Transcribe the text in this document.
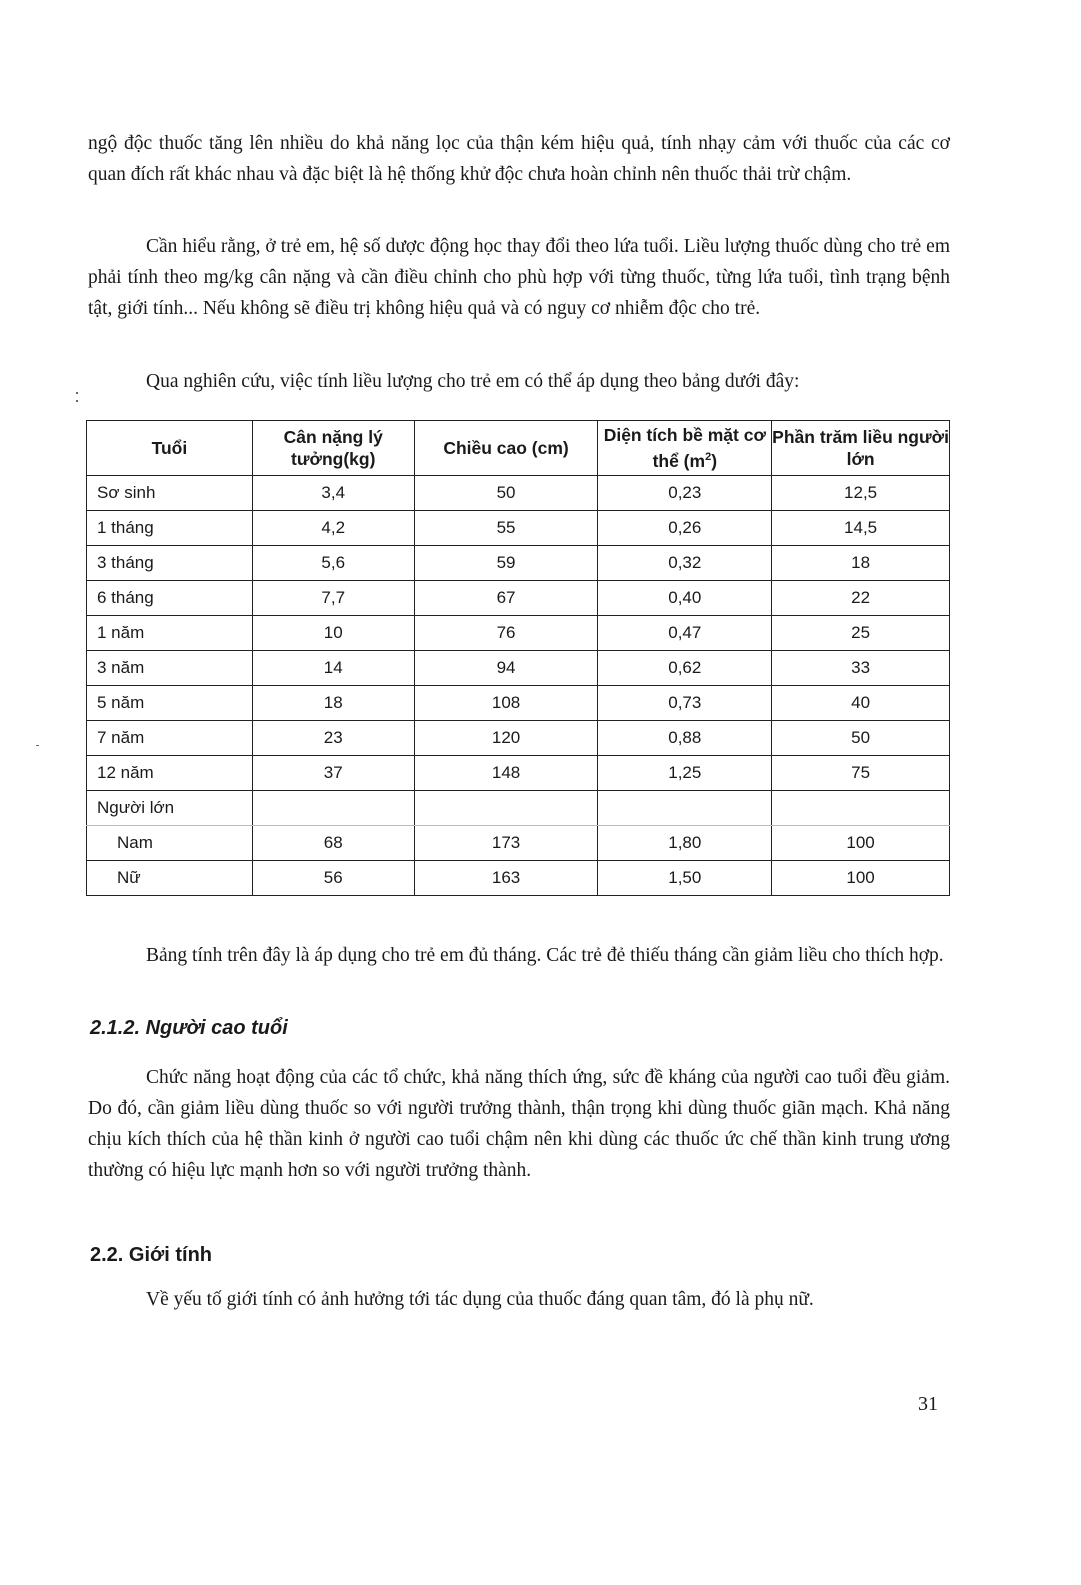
ngộ độc thuốc tăng lên nhiều do khả năng lọc của thận kém hiệu quả, tính nhạy cảm với thuốc của các cơ quan đích rất khác nhau và đặc biệt là hệ thống khử độc chưa hoàn chỉnh nên thuốc thải trừ chậm.

Cần hiểu rằng, ở trẻ em, hệ số dược động học thay đổi theo lứa tuổi. Liều lượng thuốc dùng cho trẻ em phải tính theo mg/kg cân nặng và cần điều chỉnh cho phù hợp với từng thuốc, từng lứa tuổi, tình trạng bệnh tật, giới tính... Nếu không sẽ điều trị không hiệu quả và có nguy cơ nhiễm độc cho trẻ.

Qua nghiên cứu, việc tính liều lượng cho trẻ em có thể áp dụng theo bảng dưới đây:

Tuổi	Cân nặng lý tưởng(kg)	Chiều cao (cm)	Diện tích bề mặt cơ thể $(m^2)$	Phần trăm liều người lớn
Sơ sinh	3,4	50	0,23	12,5
1 tháng	4,2	55	0,26	14,5
3 tháng	5,6	59	0,32	18
6 tháng	7,7	67	0,40	22
1 năm	10	76	0,47	25
3 năm	14	94	0,62	33
5 năm	18	108	0,73	40
7 năm	23	120	0,88	50
12 năm	37	148	1,25	75
Người lớn				
Nam	68	173	1,80	100
Nữ	56	163	1,50	100

Bảng tính trên đây là áp dụng cho trẻ em đủ tháng. Các trẻ đẻ thiếu tháng cần giảm liều cho thích hợp.

2.1.2. Người cao tuổi

Chức năng hoạt động của các tổ chức, khả năng thích ứng, sức đề kháng của người cao tuổi đều giảm. Do đó, cần giảm liều dùng thuốc so với người trưởng thành, thận trọng khi dùng thuốc giãn mạch. Khả năng chịu kích thích của hệ thần kinh ở người cao tuổi chậm nên khi dùng các thuốc ức chế thần kinh trung ương thường có hiệu lực mạnh hơn so với người trưởng thành.

2.2. Giới tính

Về yếu tố giới tính có ảnh hưởng tới tác dụng của thuốc đáng quan tâm, đó là phụ nữ.

31
